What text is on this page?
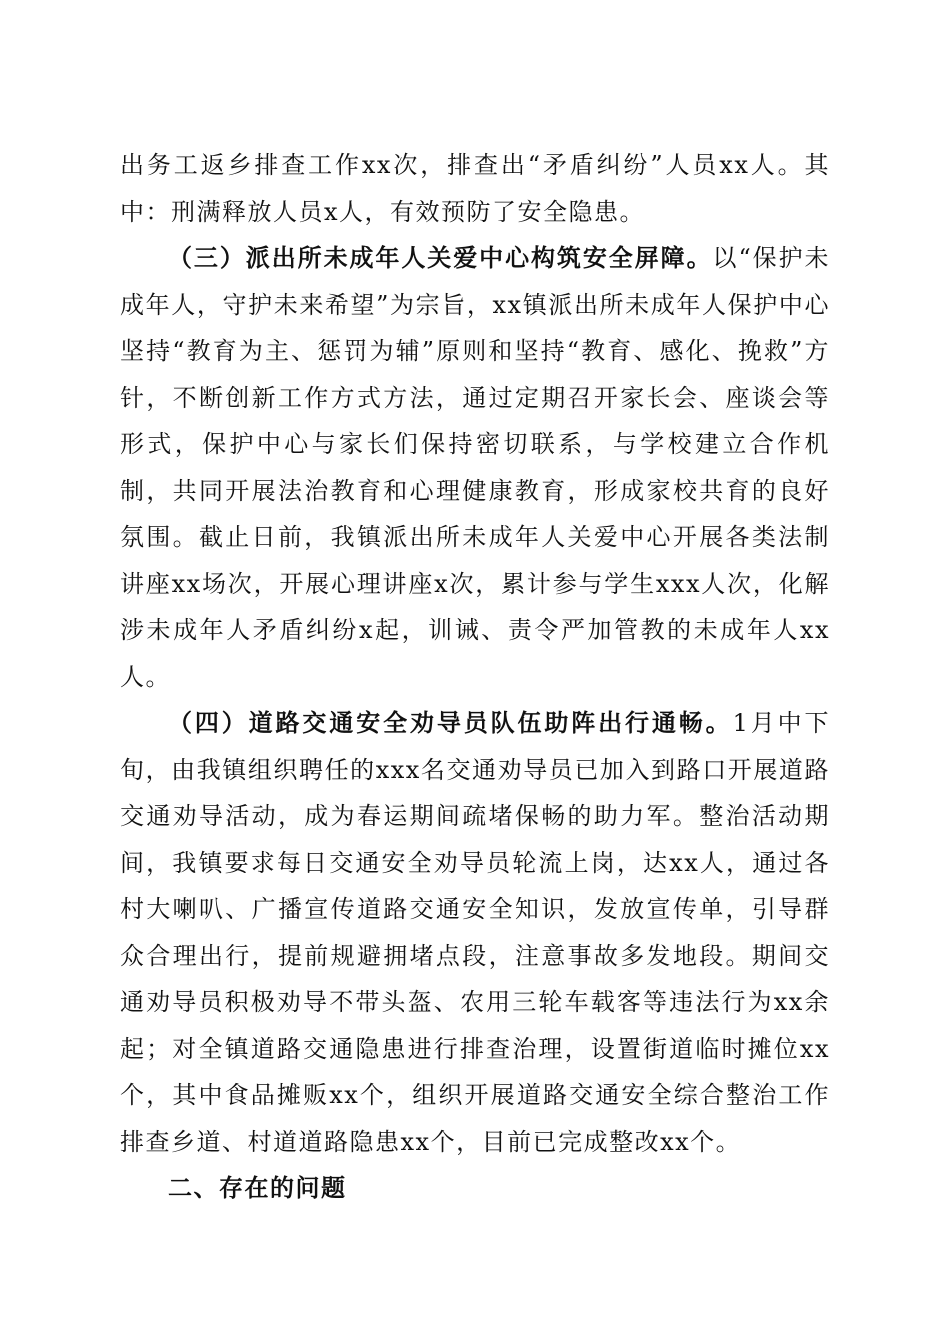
出务工返乡排查工作xx次，排查出“矛盾纠纷”人员xx人。其中：刑满释放人员x人，有效预防了安全隐患。

（三）派出所未成年人关爱中心构筑安全屏障。以“保护未成年人，守护未来希望”为宗旨，xx镇派出所未成年人保护中心坚持“教育为主、惩罚为辅”原则和坚持“教育、感化、挽救”方针，不断创新工作方式方法，通过定期召开家长会、座谈会等形式，保护中心与家长们保持密切联系，与学校建立合作机制，共同开展法治教育和心理健康教育，形成家校共育的良好氛围。截止日前，我镇派出所未成年人关爱中心开展各类法制讲座xx场次，开展心理讲座x次，累计参与学生xxx人次，化解涉未成年人矛盾纠纷x起，训诫、责令严加管教的未成年人xx人。

（四）道路交通安全劝导员队伍助阵出行通畅。1月中下旬，由我镇组织聘任的xxx名交通劝导员已加入到路口开展道路交通劝导活动，成为春运期间疏堵保畅的助力军。整治活动期间，我镇要求每日交通安全劝导员轮流上岗，达xx人，通过各村大喇叭、广播宣传道路交通安全知识，发放宣传单，引导群众合理出行，提前规避拥堵点段，注意事故多发地段。期间交通劝导员积极劝导不带头盔、农用三轮车载客等违法行为xx余起；对全镇道路交通隐患进行排查治理，设置街道临时摊位xx个，其中食品摊贩xx个，组织开展道路交通安全综合整治工作排查乡道、村道道路隐患xx个，目前已完成整改xx个。

二、存在的问题
